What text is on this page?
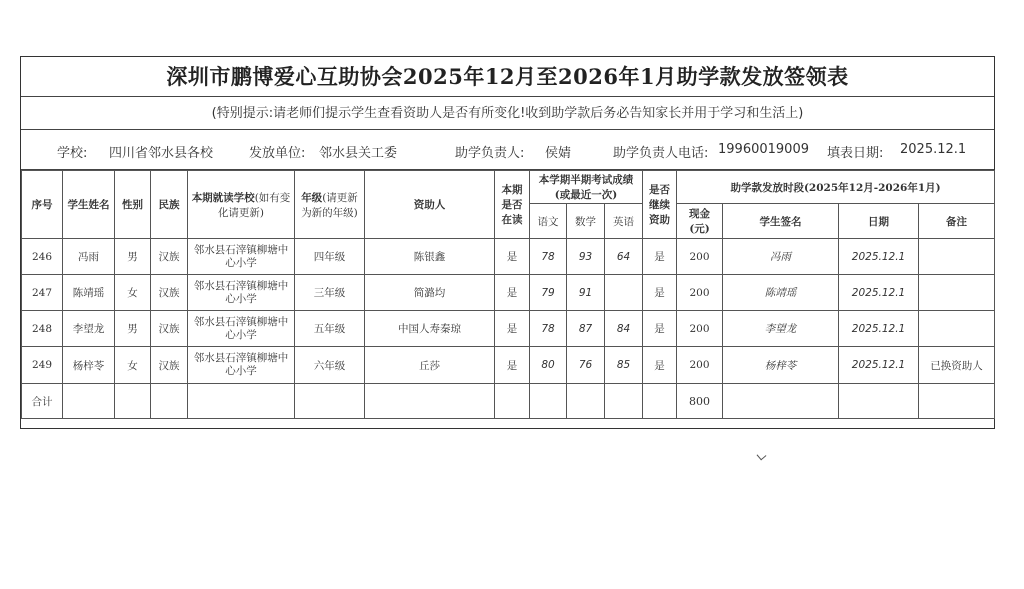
深圳市鹏博爱心互助协会2025年12月至2026年1月助学款发放签领表
(特别提示:请老师们提示学生查看资助人是否有所变化!收到助学款后务必告知家长并用于学习和生活上)
学校: 四川省邻水县各校	发放单位: 邻水县关工委	助学负责人: 侯婧	助学负责人电话: 19960019009 填表日期: 2025.12.1
序号	学生姓名	性别	民族	本期就读学校(如有变化请更新)	年级(请更新为新的年级)	资助人	本期是否在读	本学期半期考试成绩(或最近一次)			是否继续资助	助学款发放时段(2025年12月-2026年1月)			
								语文	数学	英语		现金(元)	学生签名	日期	备注
246	冯雨	男	汉族	邻水县石滓镇柳塘中心小学	四年级	陈银鑫	是	78	93	64	是	200	冯雨	2025.12.1	
247	陈靖瑶	女	汉族	邻水县石滓镇柳塘中心小学	三年级	简潞均	是	79	91		是	200	陈靖瑶	2025.12.1	
248	李望龙	男	汉族	邻水县石滓镇柳塘中心小学	五年级	中国人寿秦琼	是	78	87	84	是	200	李望龙	2025.12.1	
249	杨梓苓	女	汉族	邻水县石滓镇柳塘中心小学	六年级	丘莎	是	80	76	85	是	200	杨梓苓	2025.12.1	已换资助人
合计												800			
